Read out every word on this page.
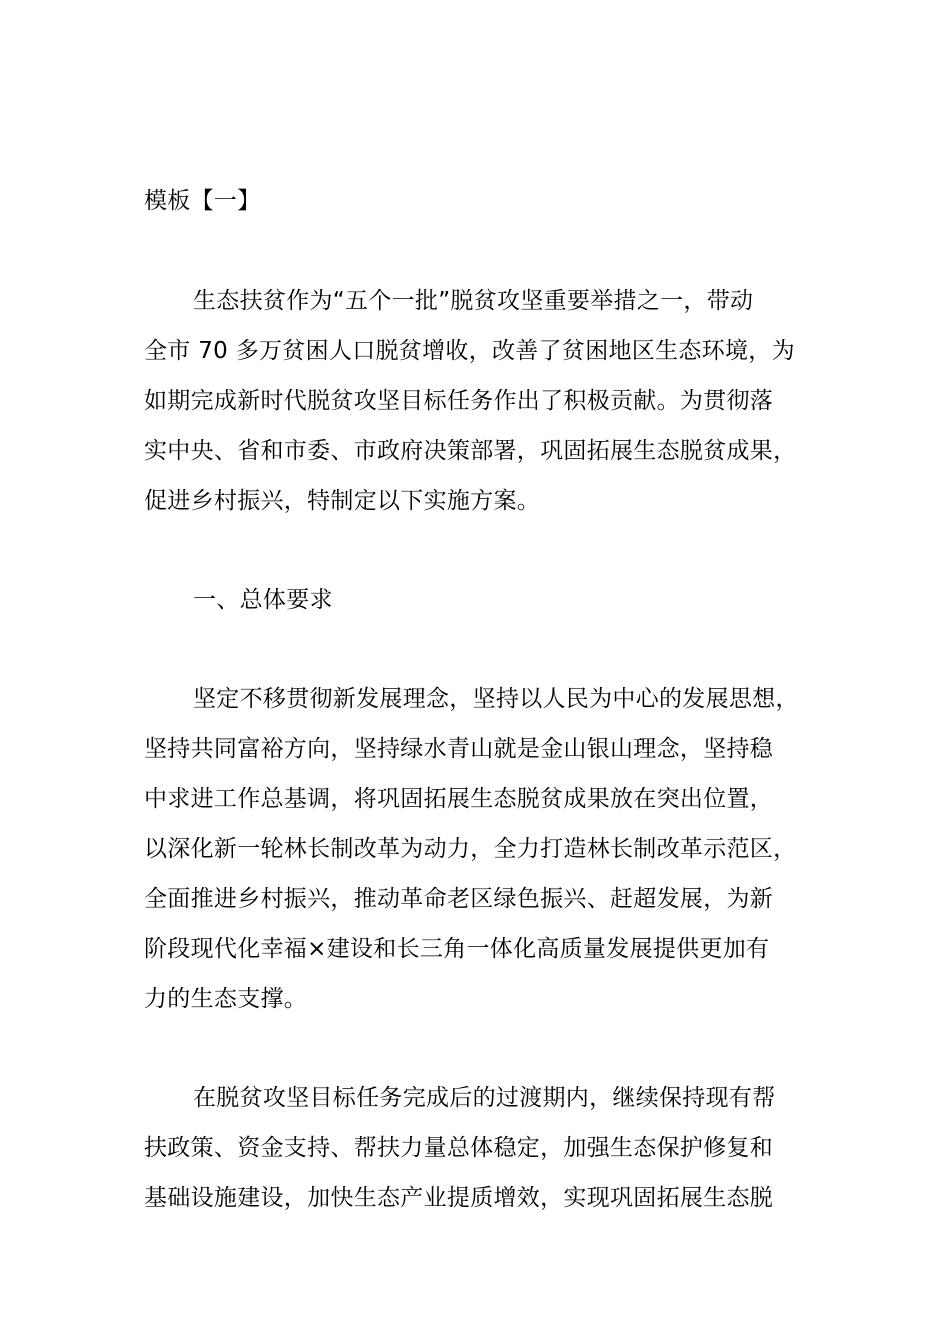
模板【一】
生态扶贫作为“五个一批”脱贫攻坚重要举措之一，带动
全市 70 多万贫困人口脱贫增收，改善了贫困地区生态环境，为
如期完成新时代脱贫攻坚目标任务作出了积极贡献。为贯彻落
实中央、省和市委、市政府决策部署，巩固拓展生态脱贫成果，
促进乡村振兴，特制定以下实施方案。
一、总体要求
坚定不移贯彻新发展理念，坚持以人民为中心的发展思想，
坚持共同富裕方向，坚持绿水青山就是金山银山理念，坚持稳
中求进工作总基调，将巩固拓展生态脱贫成果放在突出位置，
以深化新一轮林长制改革为动力，全力打造林长制改革示范区，
全面推进乡村振兴，推动革命老区绿色振兴、赶超发展，为新
阶段现代化幸福×建设和长三角一体化高质量发展提供更加有
力的生态支撑。
在脱贫攻坚目标任务完成后的过渡期内，继续保持现有帮
扶政策、资金支持、帮扶力量总体稳定，加强生态保护修复和
基础设施建设，加快生态产业提质增效，实现巩固拓展生态脱
